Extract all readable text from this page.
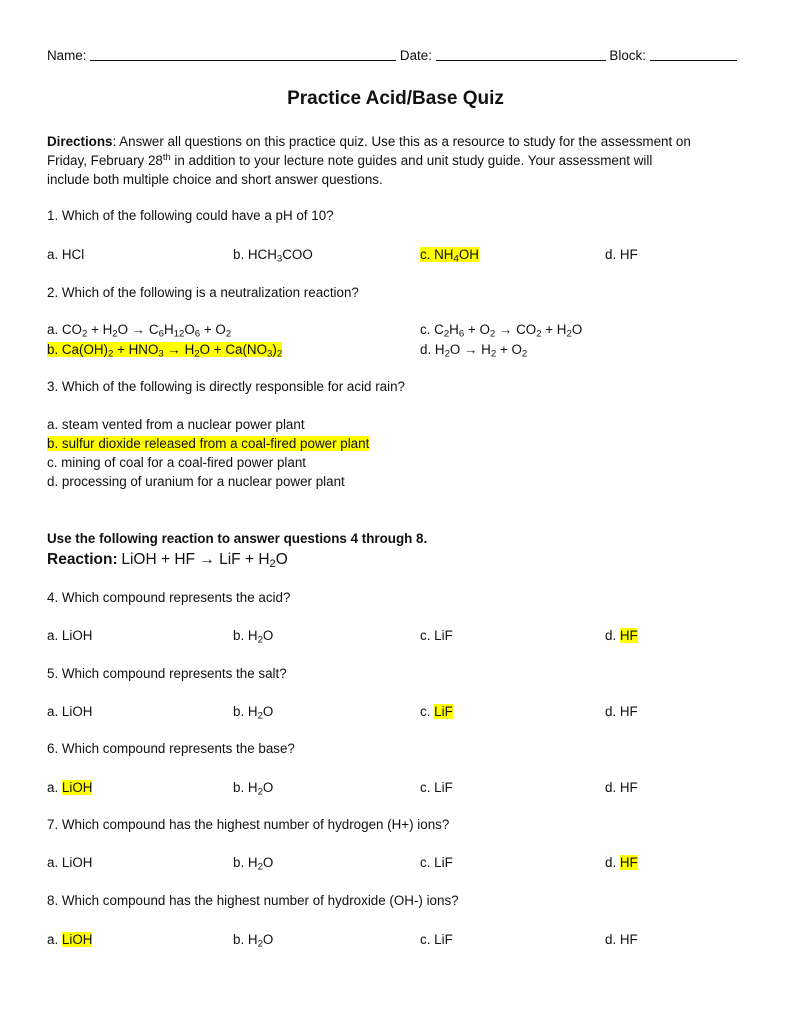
Name:	Date:	Block:
Practice Acid/Base Quiz
Directions: Answer all questions on this practice quiz. Use this as a resource to study for the assessment on
Friday, February 28th in addition to your lecture note guides and unit study guide. Your assessment will
include both multiple choice and short answer questions.
1. Which of the following could have a pH of 10?
a. HCl	b. $HCH_3COO$	c. $NH_4OH$	d. HF
2. Which of the following is a neutralization reaction?
a. $CO_2 + H_2O \to C_6H_{12}O_6 + O_2$
b. $Ca(OH)_2 + HNO_3 \to H_2O + Ca(NO_3)_2$
c. $C_2H_6 + O_2 \to CO_2 + H_2O$
d. $H_2O \to H_2 + O_2$
3. Which of the following is directly responsible for acid rain?
a. steam vented from a nuclear power plant
b. sulfur dioxide released from a coal-fired power plant
c. mining of coal for a coal-fired power plant
d. processing of uranium for a nuclear power plant
Use the following reaction to answer questions 4 through 8.
Reaction: LiOH + HF → LiF + $H_2O$
4. Which compound represents the acid?
a. LiOH	b. $H_2O$	c. LiF	d. HF
5. Which compound represents the salt?
a. LiOH	b. $H_2O$	c. LiF	d. HF
6. Which compound represents the base?
a. LiOH	b. $H_2O$	c. LiF	d. HF
7. Which compound has the highest number of hydrogen (H+) ions?
a. LiOH	b. $H_2O$	c. LiF	d. HF
8. Which compound has the highest number of hydroxide (OH-) ions?
a. LiOH	b. $H_2O$	c. LiF	d. HF
